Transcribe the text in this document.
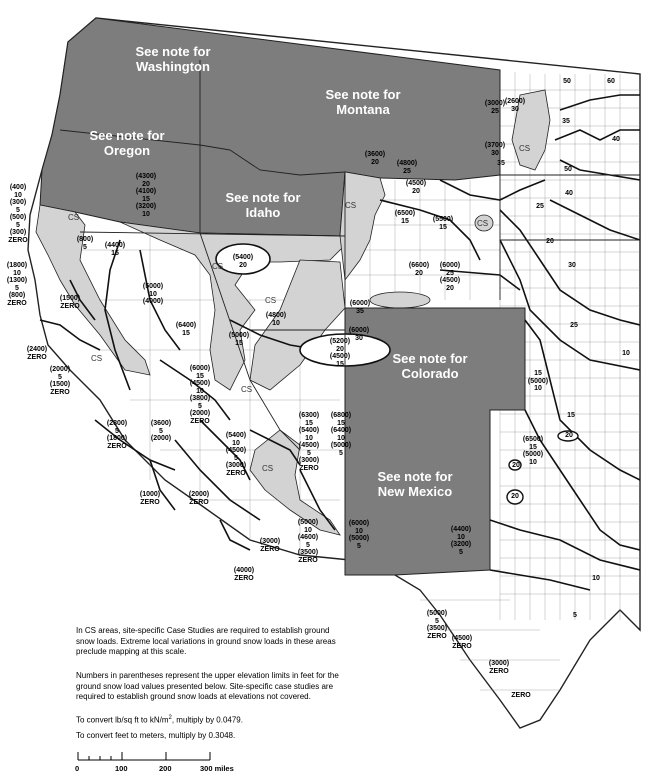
See note for
Washington
See note for
Oregon
See note for
Idaho
See note for
Montana
See note for
Colorado
See note for
New Mexico
CS
CS
CS
CS
CS
CS
CS
CS
CS
(400)
10
(300)
5
(500)
5
(300)
ZERO
(1800)
10
(1300)
5
(800)
ZERO
(4300)
20
(4100)
15
(3200)
10
(800)
5	(4400)
15
(5000)
10
(4000)
(1500)
ZERO
(2400)
ZERO
(2000)
5
(1500)
ZERO
(5400)
20
(4800)
10
(5000)
15
(6400)
15
(5200)
20
(4500)
15
(6000)
35
(6000)
30
(6000)
15
(4500)
10
(3800)
5
(2000)
ZERO
(2800)
5
(1800)
ZERO
(3600)
5
(2000)	(5400)
10
(4500)
5
(3000)
ZERO
(6300)
15
(5400)
10
(4500)
5
(3000)
ZERO
(6800)
15
(6400)
10
(5000)
5
(1000)
ZERO
(2000)
ZERO
(5000)
10
(4600)
5
(3500)
ZERO
(3000)
ZERO
(4000)
ZERO
(6000)
10
(5000)
5
(3600)
20	(4800)
25
(3000)
25
(3700)
30
(2600)
30
(4500)
20
(6500)
15	(5500)
15
(6600)
20
(6000)
25
(4500)
20
15
(5000)
10
(6500)
15
(5000)
10
(4400)
10
(3200)
5
(5000)
5
(3500)
ZERO (4500)
ZERO
(3000)
ZERO
ZERO
5
15
20
20
20
20
25
25
30
35
35
40
40
50
50
60
10
10
In CS areas, site-specific Case Studies are required to establish ground snow loads. Extreme local variations in ground snow loads in these areas preclude mapping at this scale.
Numbers in parentheses represent the upper elevation limits in feet for the ground snow load values presented below. Site-specific case studies are required to establish ground snow loads at elevations not covered.
To convert lb/sq ft to $kN/m^2$, multiply by 0.0479.
To convert feet to meters, multiply by 0.3048.
0	100	200	300 miles
